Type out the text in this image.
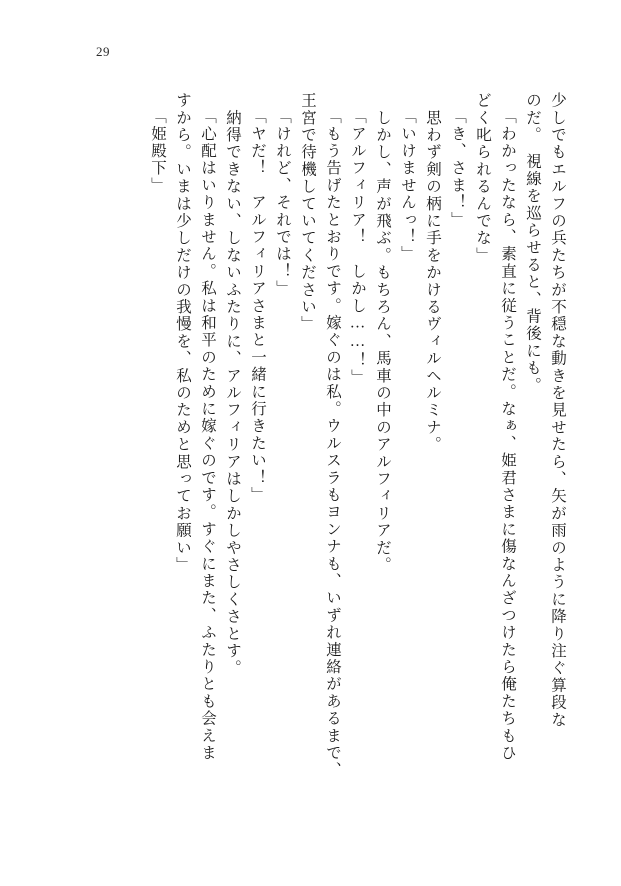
29
少しでもエルフの兵たちが不穏な動きを見せたら、矢が雨のように降り注ぐ算段な
のだ。　視線を巡らせると、背後にも。
「わかったなら、素直に従うことだ。なぁ、姫君さまに傷なんざつけたら俺たちもひ
どく叱られるんでな」
「き、さま！」
　思わず剣の柄に手をかけるヴィルヘルミナ。
「いけませんっ！」
　しかし、声が飛ぶ。もちろん、馬車の中のアルフィリアだ。
「アルフィリア！　しかし……！」
「もう告げたとおりです。嫁ぐのは私。ウルスラもヨンナも、いずれ連絡があるまで、
王宮で待機していてください」
「けれど、それでは！」
「ヤだ！　アルフィリアさまと一緒に行きたい！」
　納得できない、しないふたりに、アルフィリアはしかしやさしくさとす。
「心配はいりません。私は和平のために嫁ぐのです。すぐにまた、ふたりとも会えま
すから。いまは少しだけの我慢を、私のためと思ってお願い」
「姫殿下」
